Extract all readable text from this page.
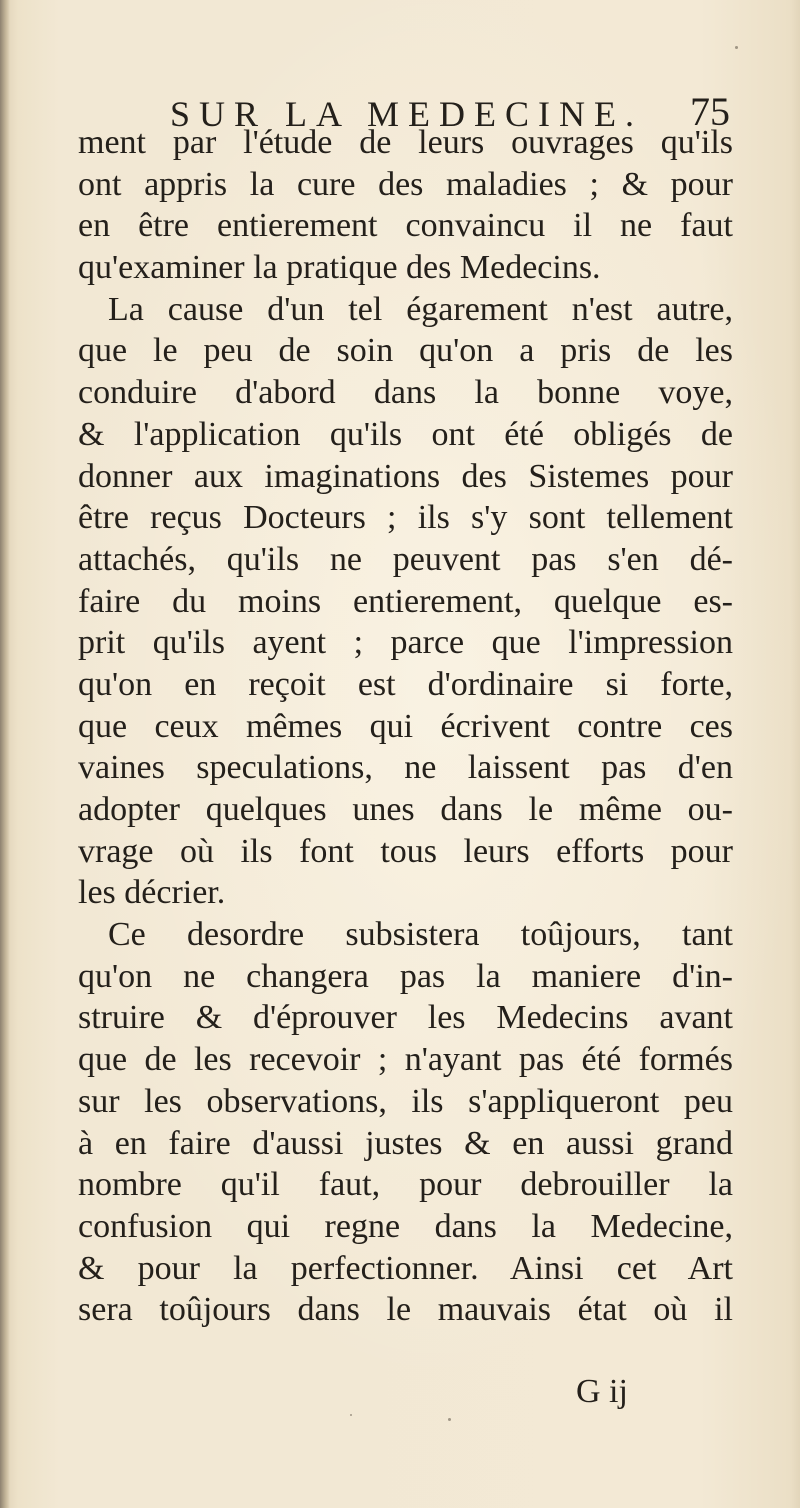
SUR LA MEDECINE. 75
ment par l'étude de leurs ouvrages qu'ils
ont appris la cure des maladies ; & pour
en être entierement convaincu il ne faut
qu'examiner la pratique des Medecins.
La cause d'un tel égarement n'est autre,
que le peu de soin qu'on a pris de les
conduire d'abord dans la bonne voye,
& l'application qu'ils ont été obligés de
donner aux imaginations des Sistemes pour
être reçus Docteurs ; ils s'y sont tellement
attachés, qu'ils ne peuvent pas s'en dé-
faire du moins entierement, quelque es-
prit qu'ils ayent ; parce que l'impression
qu'on en reçoit est d'ordinaire si forte,
que ceux mêmes qui écrivent contre ces
vaines speculations, ne laissent pas d'en
adopter quelques unes dans le même ou-
vrage où ils font tous leurs efforts pour
les décrier.
Ce desordre subsistera toûjours, tant
qu'on ne changera pas la maniere d'in-
struire & d'éprouver les Medecins avant
que de les recevoir ; n'ayant pas été formés
sur les observations, ils s'appliqueront peu
à en faire d'aussi justes & en aussi grand
nombre qu'il faut, pour debrouiller la
confusion qui regne dans la Medecine,
& pour la perfectionner. Ainsi cet Art
sera toûjours dans le mauvais état où il
G ij
